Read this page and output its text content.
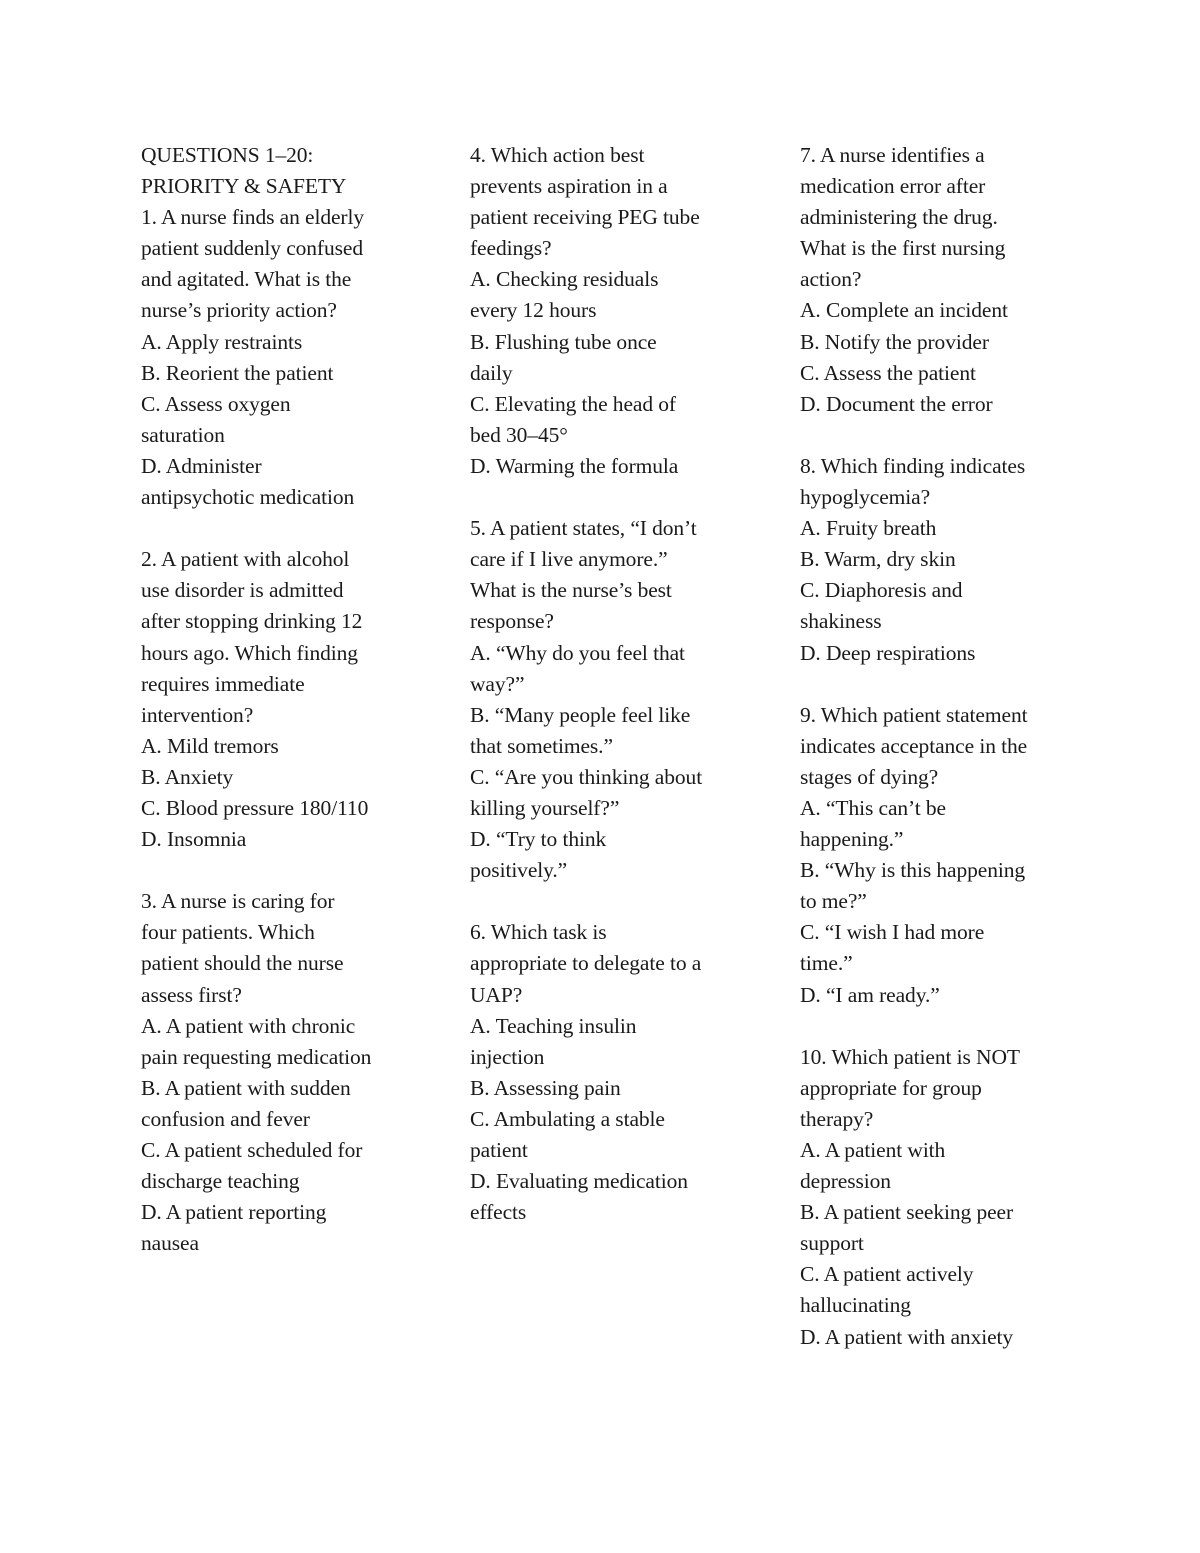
QUESTIONS 1–20:
PRIORITY & SAFETY
1. A nurse finds an elderly
patient suddenly confused
and agitated. What is the
nurse’s priority action?
A. Apply restraints
B. Reorient the patient
C. Assess oxygen
saturation
D. Administer
antipsychotic medication
2. A patient with alcohol
use disorder is admitted
after stopping drinking 12
hours ago. Which finding
requires immediate
intervention?
A. Mild tremors
B. Anxiety
C. Blood pressure 180/110
D. Insomnia
3. A nurse is caring for
four patients. Which
patient should the nurse
assess first?
A. A patient with chronic
pain requesting medication
B. A patient with sudden
confusion and fever
C. A patient scheduled for
discharge teaching
D. A patient reporting
nausea
4. Which action best
prevents aspiration in a
patient receiving PEG tube
feedings?
A. Checking residuals
every 12 hours
B. Flushing tube once
daily
C. Elevating the head of
bed 30–45°
D. Warming the formula
5. A patient states, “I don’t
care if I live anymore.”
What is the nurse’s best
response?
A. “Why do you feel that
way?”
B. “Many people feel like
that sometimes.”
C. “Are you thinking about
killing yourself?”
D. “Try to think
positively.”
6. Which task is
appropriate to delegate to a
UAP?
A. Teaching insulin
injection
B. Assessing pain
C. Ambulating a stable
patient
D. Evaluating medication
effects
7. A nurse identifies a
medication error after
administering the drug.
What is the first nursing
action?
A. Complete an incident
B. Notify the provider
C. Assess the patient
D. Document the error
8. Which finding indicates
hypoglycemia?
A. Fruity breath
B. Warm, dry skin
C. Diaphoresis and
shakiness
D. Deep respirations
9. Which patient statement
indicates acceptance in the
stages of dying?
A. “This can’t be
happening.”
B. “Why is this happening
to me?”
C. “I wish I had more
time.”
D. “I am ready.”
10. Which patient is NOT
appropriate for group
therapy?
A. A patient with
depression
B. A patient seeking peer
support
C. A patient actively
hallucinating
D. A patient with anxiety
